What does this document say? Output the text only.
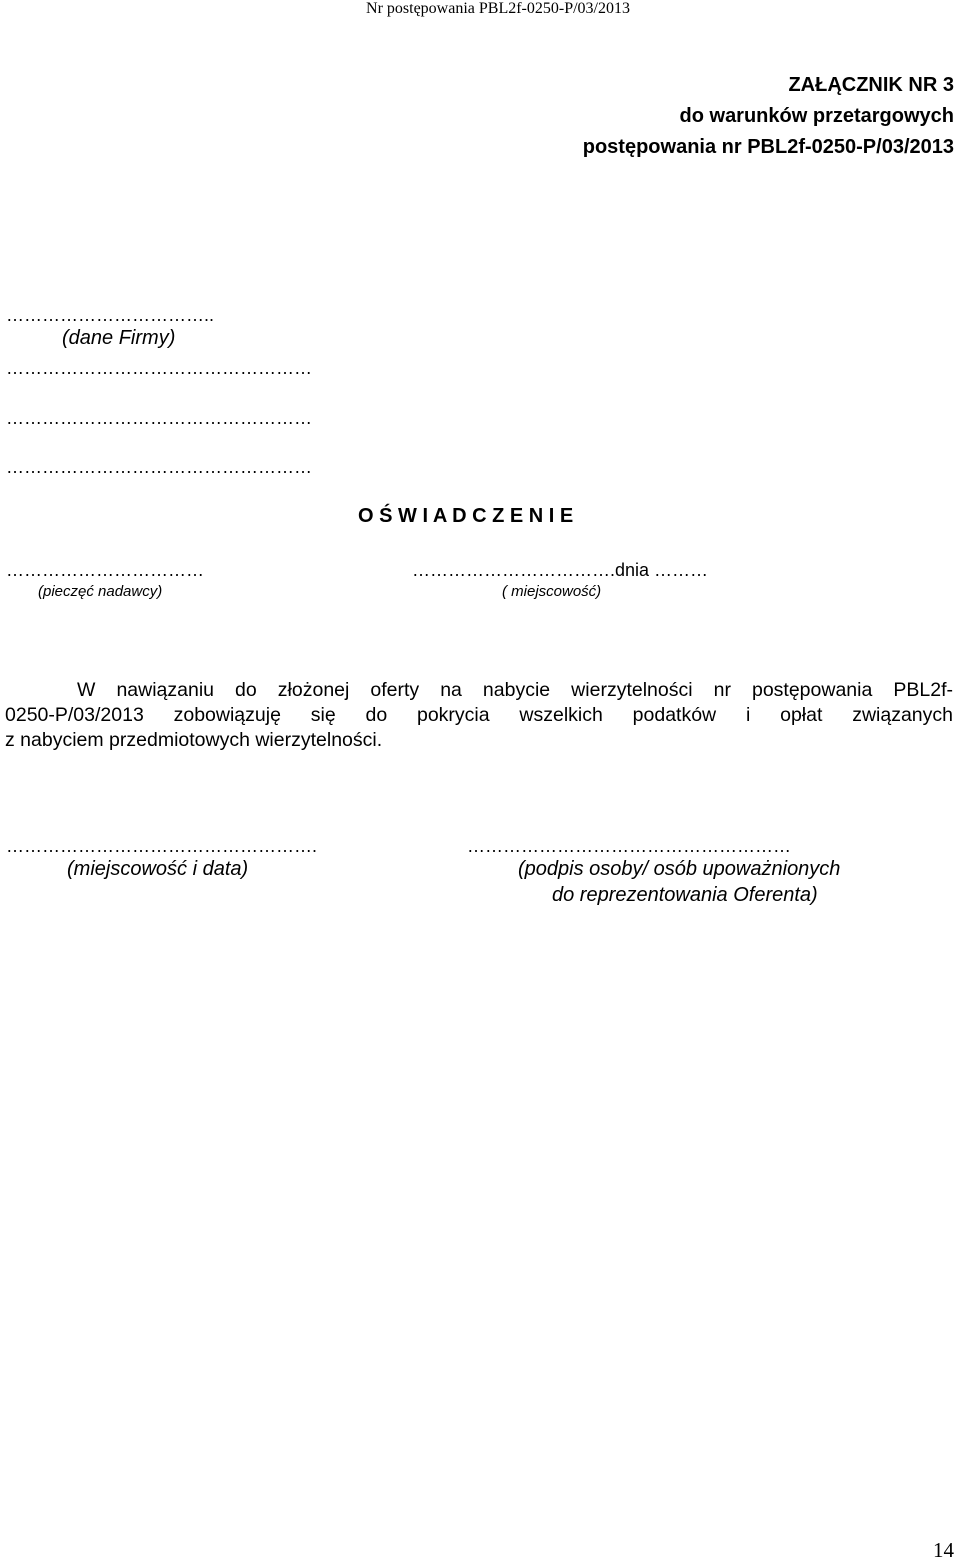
Nr postępowania PBL2f-0250-P/03/2013
ZAŁĄCZNIK NR 3
do warunków przetargowych
postępowania nr PBL2f-0250-P/03/2013
……………………………..
(dane Firmy)
……………………………………………
……………………………………………
……………………………………………
O Ś W I A D C Z E N I E
……………………………
(pieczęć nadawcy)
…………………………….dnia ………
( miejscowość)
W nawiązaniu do złożonej oferty na nabycie wierzytelności nr postępowania PBL2f-
0250-P/03/2013 zobowiązuję się do pokrycia wszelkich podatków i opłat związanych
z nabyciem przedmiotowych wierzytelności.
…………………………………………….
(miejscowość i data)
………………………………………………
(podpis osoby/ osób upoważnionych
do reprezentowania Oferenta)
14
